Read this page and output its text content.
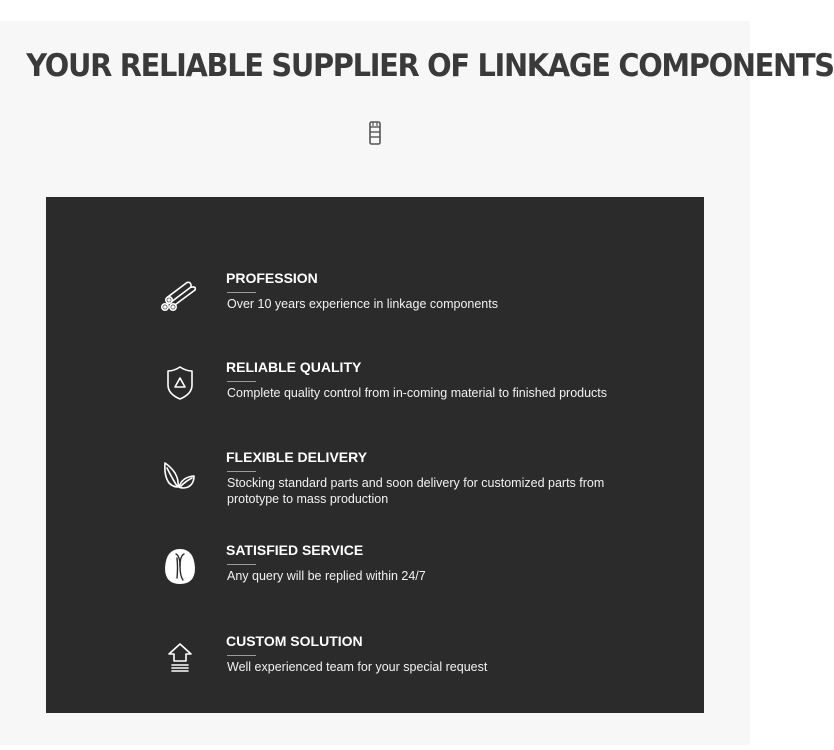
YOUR RELIABLE SUPPLIER OF LINKAGE COMPONENTS
PROFESSION
Over 10 years experience in linkage components
RELIABLE QUALITY
Complete quality control from in-coming material to finished products
FLEXIBLE DELIVERY
Stocking standard parts and soon delivery for customized parts from prototype to mass production
SATISFIED SERVICE
Any query will be replied within 24/7
CUSTOM SOLUTION
Well experienced team for your special request
